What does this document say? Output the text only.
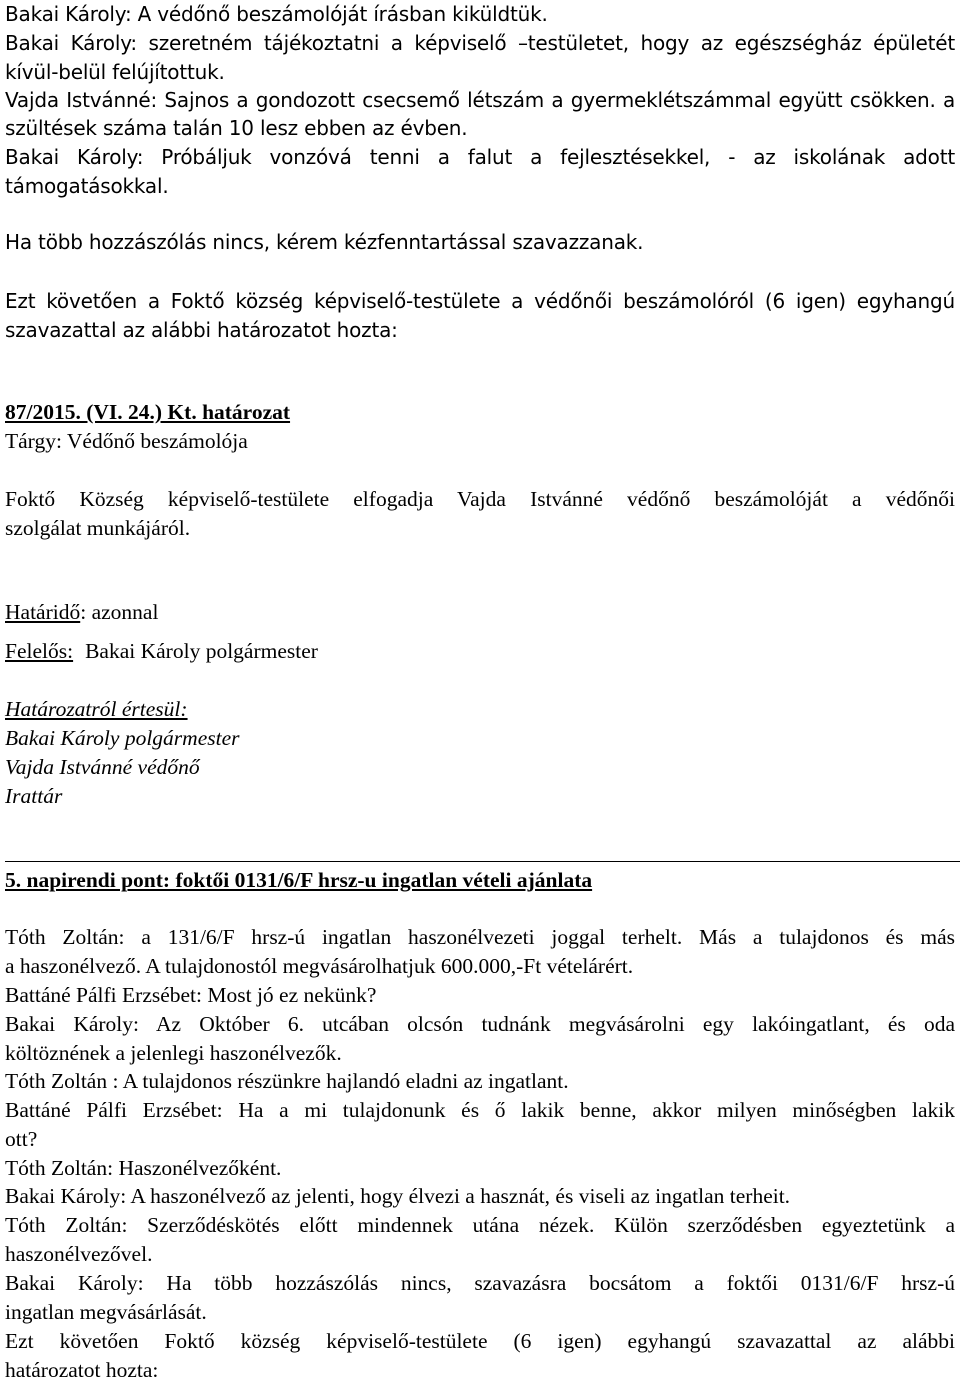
Bakai Károly: A védőnő beszámolóját írásban kiküldtük.

Bakai Károly: szeretném tájékoztatni a képviselő –testületet, hogy az egészségház épületét

kívül-belül felújítottuk.

Vajda Istvánné: Sajnos a gondozott csecsemő létszám a gyermeklétszámmal együtt csökken. a

szültések száma talán 10 lesz ebben az évben.

Bakai Károly: Próbáljuk vonzóvá tenni a falut a fejlesztésekkel, - az iskolának adott

támogatásokkal.

Ha több hozzászólás nincs, kérem kézfenntartással szavazzanak.

Ezt követően a Foktő község képviselő-testülete a védőnői beszámolóról (6 igen) egyhangú

szavazattal az alábbi határozatot hozta:

87/2015. (VI. 24.) Kt. határozat

Tárgy: Védőnő beszámolója

Foktő Község képviselő-testülete elfogadja Vajda Istvánné védőnő beszámolóját a védőnői

szolgálat munkájáról.

Határidő: azonnal

Felelős: Bakai Károly polgármester

Határozatról értesül:

Bakai Károly polgármester

Vajda Istvánné védőnő

Irattár

5. napirendi pont: foktői 0131/6/F hrsz-u ingatlan vételi ajánlata

Tóth Zoltán: a 131/6/F hrsz-ú ingatlan haszonélvezeti joggal terhelt. Más a tulajdonos és más

a haszonélvező. A tulajdonostól megvásárolhatjuk 600.000,-Ft vételárért.

Battáné Pálfi Erzsébet: Most jó ez nekünk?

Bakai Károly: Az Október 6. utcában olcsón tudnánk megvásárolni egy lakóingatlant, és oda

költöznének a jelenlegi haszonélvezők.

Tóth Zoltán : A tulajdonos részünkre hajlandó eladni az ingatlant.

Battáné Pálfi Erzsébet: Ha a mi tulajdonunk és ő lakik benne, akkor milyen minőségben lakik

ott?

Tóth Zoltán: Haszonélvezőként.

Bakai Károly: A haszonélvező az jelenti, hogy élvezi a hasznát, és viseli az ingatlan terheit.

Tóth Zoltán: Szerződéskötés előtt mindennek utána nézek. Külön szerződésben egyeztetünk a

haszonélvezővel.

Bakai Károly: Ha több hozzászólás nincs, szavazásra bocsátom a foktői 0131/6/F hrsz-ú

ingatlan megvásárlását.

Ezt követően Foktő község képviselő-testülete (6 igen) egyhangú szavazattal az alábbi

határozatot hozta:
